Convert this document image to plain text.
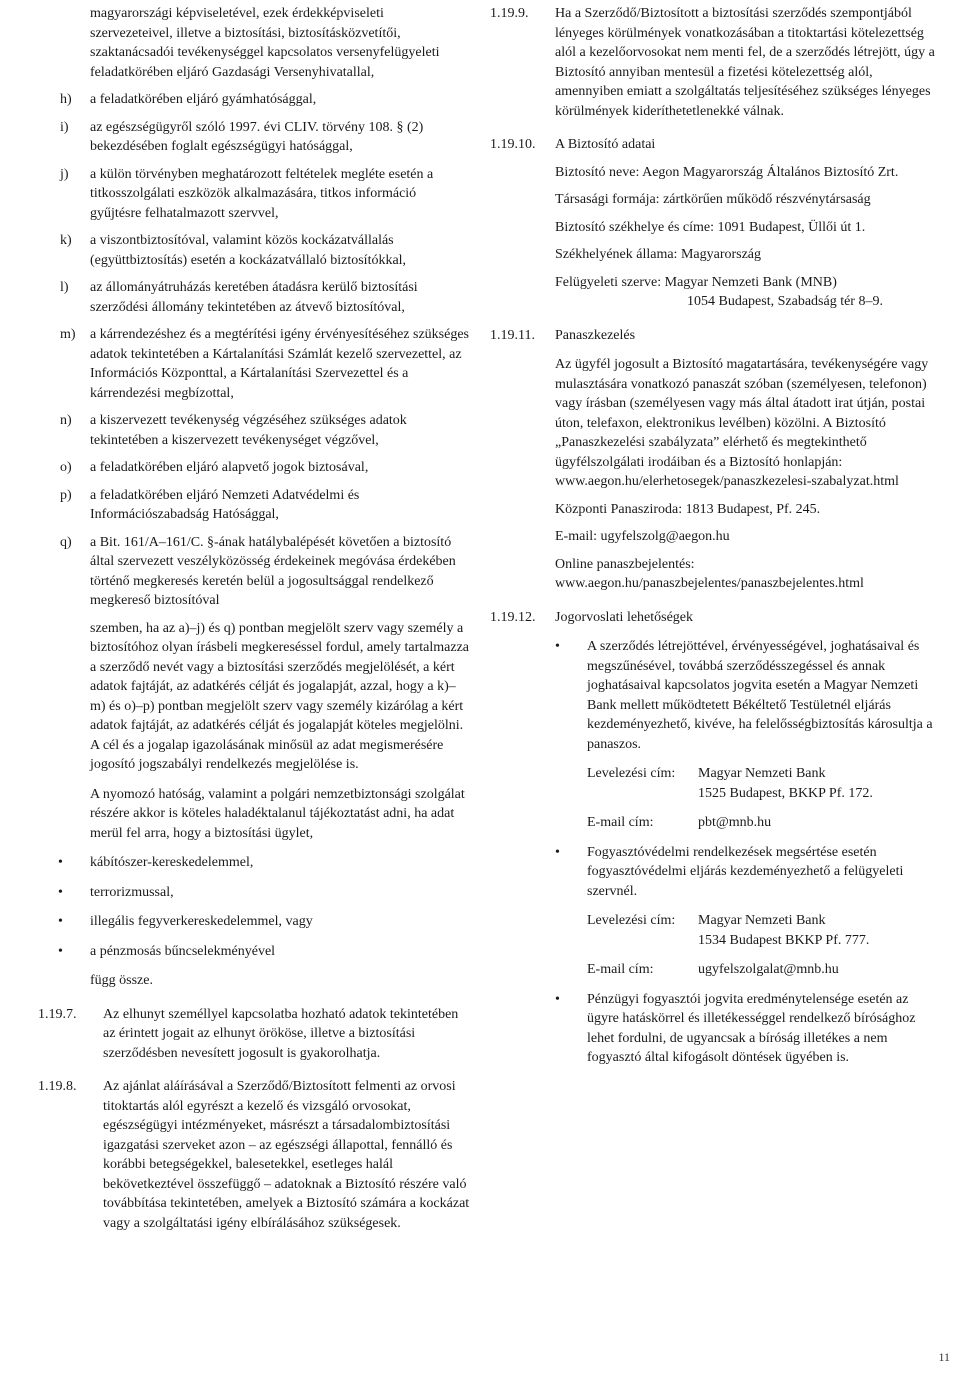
magyarországi képviseletével, ezek érdekképviseleti szervezeteivel, illetve a biztosítási, biztosításközvetítői, szaktanácsadói tevékenységgel kapcsolatos versenyfelügyeleti feladatkörében eljáró Gazdasági Versenyhivatallal,

h) a feladatkörében eljáró gyámhatósággal,
i) az egészségügyről szóló 1997. évi CLIV. törvény 108. § (2) bekezdésében foglalt egészségügyi hatósággal,
j) a külön törvényben meghatározott feltételek megléte esetén a titkosszolgálati eszközök alkalmazására, titkos információ gyűjtésre felhatalmazott szervvel,
k) a viszontbiztosítóval, valamint közös kockázatvállalás (együttbiztosítás) esetén a kockázatvállaló biztosítókkal,
l) az állományátruházás keretében átadásra kerülő biztosítási szerződési állomány tekintetében az átvevő biztosítóval,
m) a kárrendezéshez és a megtérítési igény érvényesítéséhez szükséges adatok tekintetében a Kártalanítási Számlát kezelő szervezettel, az Információs Központtal, a Kártalanítási Szervezettel és a kárrendezési megbízottal,
n) a kiszervezett tevékenység végzéséhez szükséges adatok tekintetében a kiszervezett tevékenységet végzővel,
o) a feladatkörében eljáró alapvető jogok biztosával,
p) a feladatkörében eljáró Nemzeti Adatvédelmi és Információszabadság Hatósággal,
q) a Bit. 161/A–161/C. §-ának hatálybalépését követően a biztosító által szervezett veszélyközösség érdekeinek megóvása érdekében történő megkeresés keretén belül a jogosultsággal rendelkező megkereső biztosítóval

szemben, ha az a)–j) és q) pontban megjelölt szerv vagy személy a biztosítóhoz olyan írásbeli megkereséssel fordul, amely tartalmazza a szerződő nevét vagy a biztosítási szerződés megjelölését, a kért adatok fajtáját, az adatkérés célját és jogalapját, azzal, hogy a k)–m) és o)–p) pontban megjelölt szerv vagy személy kizárólag a kért adatok fajtáját, az adatkérés célját és jogalapját köteles megjelölni. A cél és a jogalap igazolásának minősül az adat megismerésére jogosító jogszabályi rendelkezés megjelölése is.

A nyomozó hatóság, valamint a polgári nemzetbiztonsági szolgálat részére akkor is köteles haladéktalanul tájékoztatást adni, ha adat merül fel arra, hogy a biztosítási ügylet,

• kábítószer-kereskedelemmel,
• terrorizmussal,
• illegális fegyverkereskedelemmel, vagy
• a pénzmosás bűncselekményével

függ össze.

1.19.7. Az elhunyt személlyel kapcsolatba hozható adatok tekintetében az érintett jogait az elhunyt örököse, illetve a biztosítási szerződésben nevesített jogosult is gyakorolhatja.
1.19.8. Az ajánlat aláírásával a Szerződő/Biztosított felmenti az orvosi titoktartás alól egyrészt a kezelő és vizsgáló orvosokat, egészségügyi intézményeket, másrészt a társadalombiztosítási igazgatási szerveket azon – az egészségi állapottal, fennálló és korábbi betegségekkel, balesetekkel, esetleges halál bekövetkeztével összefüggő – adatoknak a Biztosító részére való továbbítása tekintetében, amelyek a Biztosító számára a kockázat vagy a szolgáltatási igény elbírálásához szükségesek.
1.19.9. Ha a Szerződő/Biztosított a biztosítási szerződés szempontjából lényeges körülmények vonatkozásában a titoktartási kötelezettség alól a kezelőorvosokat nem menti fel, de a szerződés létrejött, úgy a Biztosító annyiban mentesül a fizetési kötelezettség alól, amennyiben emiatt a szolgáltatás teljesítéséhez szükséges lényeges körülmények kideríthetetlenekké válnak.
1.19.10. A Biztosító adatai

Biztosító neve: Aegon Magyarország Általános Biztosító Zrt.

Társasági formája: zártkörűen működő részvénytársaság

Biztosító székhelye és címe: 1091 Budapest, Üllői út 1.

Székhelyének állama: Magyarország

Felügyeleti szerve: Magyar Nemzeti Bank (MNB)
1054 Budapest, Szabadság tér 8–9.
1.19.11. Panaszkezelés

Az ügyfél jogosult a Biztosító magatartására, tevékenységére vagy mulasztására vonatkozó panaszát szóban (személyesen, telefonon) vagy írásban (személyesen vagy más által átadott irat útján, postai úton, telefaxon, elektronikus levélben) közölni. A Biztosító „Panaszkezelési szabályzata” elérhető és megtekinthető ügyfélszolgálati irodáiban és a Biztosító honlapján: www.aegon.hu/elerhetosegek/panaszkezelesi-szabalyzat.html

Központi Panasziroda: 1813 Budapest, Pf. 245.

E-mail: ugyfelszolg@aegon.hu

Online panaszbejelentés:

www.aegon.hu/panaszbejelentes/panaszbejelentes.html

1.19.12. Jogorvoslati lehetőségek

• A szerződés létrejöttével, érvényességével, joghatásaival és megszűnésével, továbbá szerződésszegéssel és annak joghatásaival kapcsolatos jogvita esetén a Magyar Nemzeti Bank mellett működtetett Békéltető Testületnél eljárás kezdeményezhető, kivéve, ha felelősségbiztosítás károsultja a panaszos.

Levelezési cím:	Magyar Nemzeti Bank
1525 Budapest, BKKP Pf. 172.
E-mail cím:	pbt@mnb.hu
• Fogyasztóvédelmi rendelkezések megsértése esetén fogyasztóvédelmi eljárás kezdeményezhető a felügyeleti szervnél.

Levelezési cím:	Magyar Nemzeti Bank
1534 Budapest BKKP Pf. 777.
E-mail cím:	ugyfelszolgalat@mnb.hu
• Pénzügyi fogyasztói jogvita eredménytelensége esetén az ügyre hatáskörrel és illetékességgel rendelkező bírósághoz lehet fordulni, de ugyancsak a bíróság illetékes a nem fogyasztó által kifogásolt döntések ügyében is.

11
